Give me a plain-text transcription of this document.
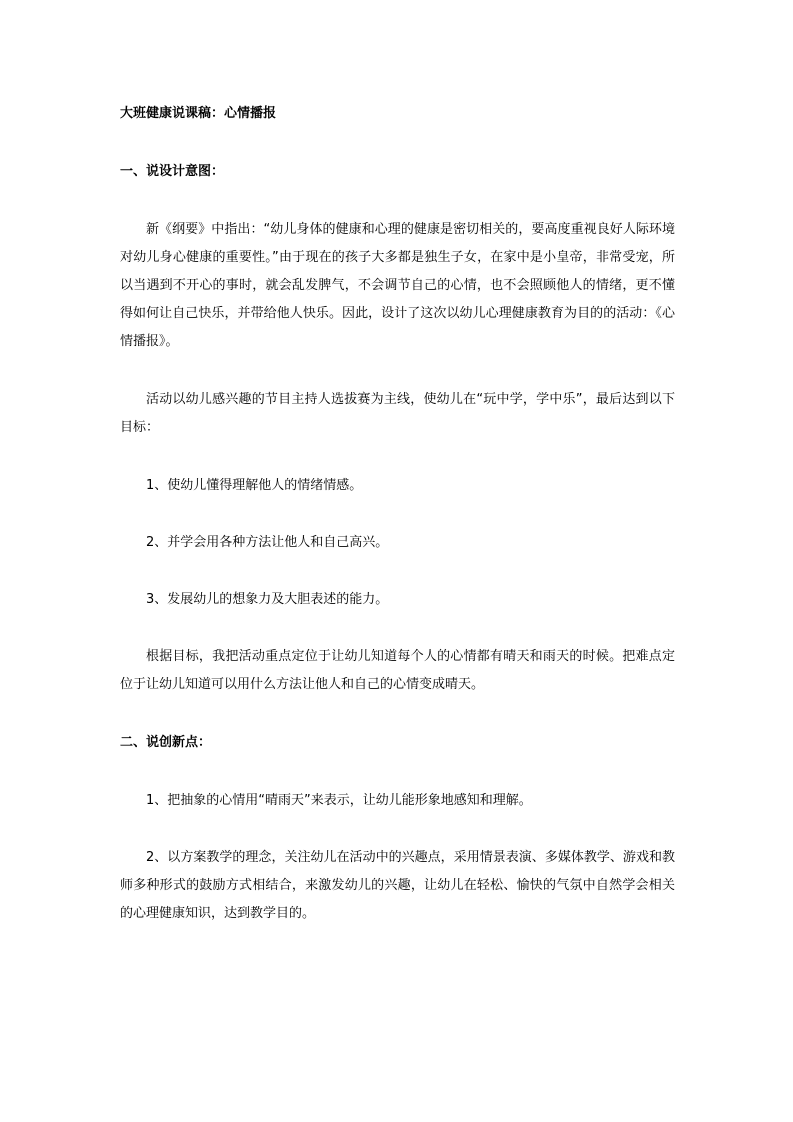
大班健康说课稿：心情播报
一、说设计意图：

新《纲要》中指出：“幼儿身体的健康和心理的健康是密切相关的，要高度重视良好人际环境对幼儿身心健康的重要性。”由于现在的孩子大多都是独生子女，在家中是小皇帝，非常受宠，所以当遇到不开心的事时，就会乱发脾气，不会调节自己的心情，也不会照顾他人的情绪，更不懂得如何让自己快乐，并带给他人快乐。因此，设计了这次以幼儿心理健康教育为目的的活动：《心情播报》。

活动以幼儿感兴趣的节目主持人选拔赛为主线，使幼儿在“玩中学，学中乐”，最后达到以下目标：

1、使幼儿懂得理解他人的情绪情感。

2、并学会用各种方法让他人和自己高兴。

3、发展幼儿的想象力及大胆表述的能力。

根据目标，我把活动重点定位于让幼儿知道每个人的心情都有晴天和雨天的时候。把难点定位于让幼儿知道可以用什么方法让他人和自己的心情变成晴天。

二、说创新点：

1、把抽象的心情用“晴雨天”来表示，让幼儿能形象地感知和理解。

2、以方案教学的理念，关注幼儿在活动中的兴趣点，采用情景表演、多媒体教学、游戏和教师多种形式的鼓励方式相结合，来激发幼儿的兴趣，让幼儿在轻松、愉快的气氛中自然学会相关的心理健康知识，达到教学目的。
